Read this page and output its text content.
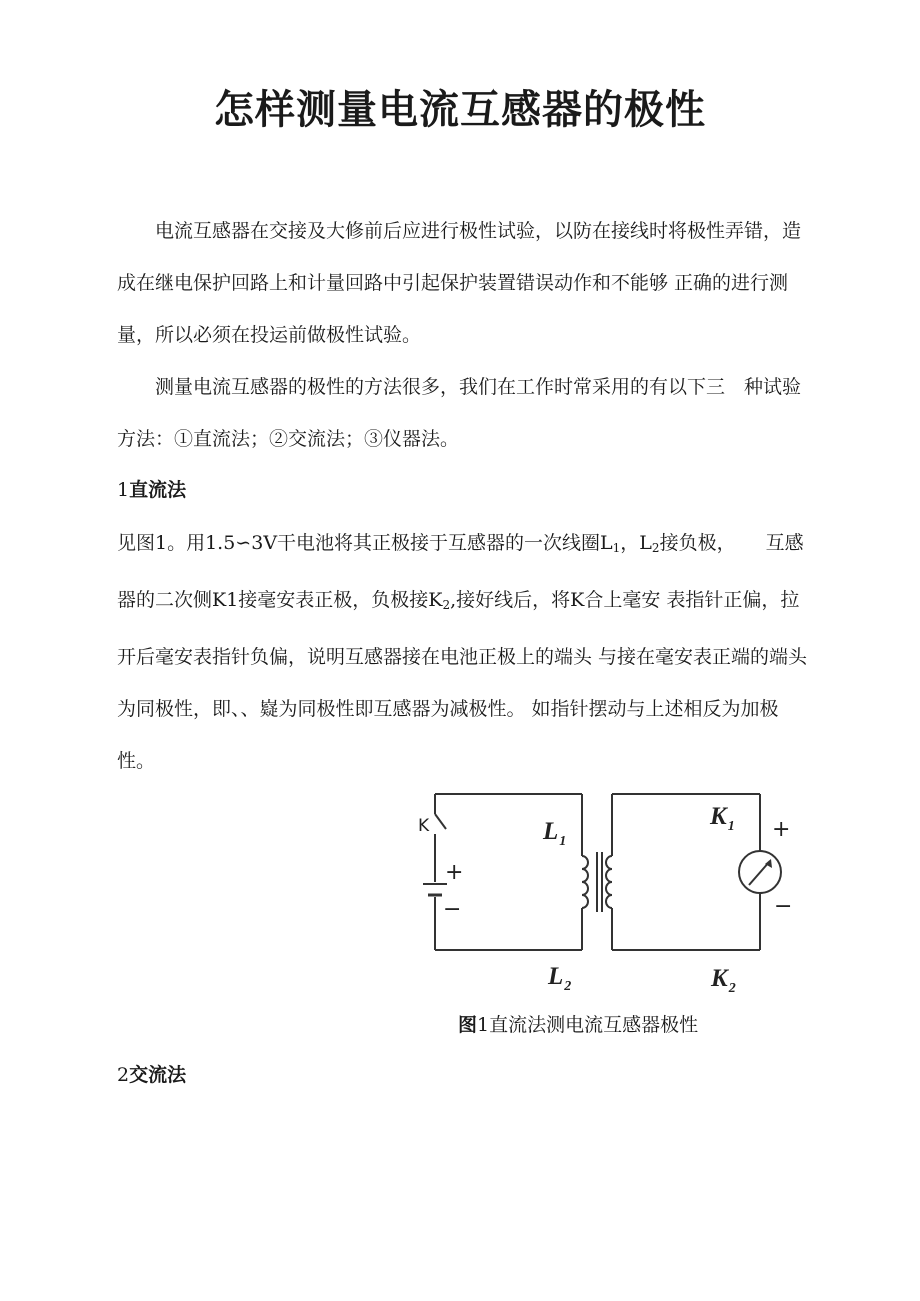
怎样测量电流互感器的极性

电流互感器在交接及大修前后应进行极性试验，以防在接线时将极性弄错，造成在继电保护回路上和计量回路中引起保护装置错误动作和不能够 正确的进行测量，所以必须在投运前做极性试验。

测量电流互感器的极性的方法很多，我们在工作时常采用的有以下三　种试验方法：①直流法；②交流法；③仪器法。

1直流法

见图1。用1.5∽3V干电池将其正极接于互感器的一次线圈$L_1$，$L_2$接负极， 互感器的二次侧K1接毫安表正极，负极接$K_2$,接好线后，将K合上毫安 表指针正偏，拉开后毫安表指针负偏，说明互感器接在电池正极上的端头 与接在毫安表正端的端头为同极性，即、、嶷为同极性即互感器为减极性。 如指针摆动与上述相反为加极性。

K
+
−
$L_1$
$L_2$
$K_1$
$K_2$
+
−

图1直流法测电流互感器极性

2交流法
